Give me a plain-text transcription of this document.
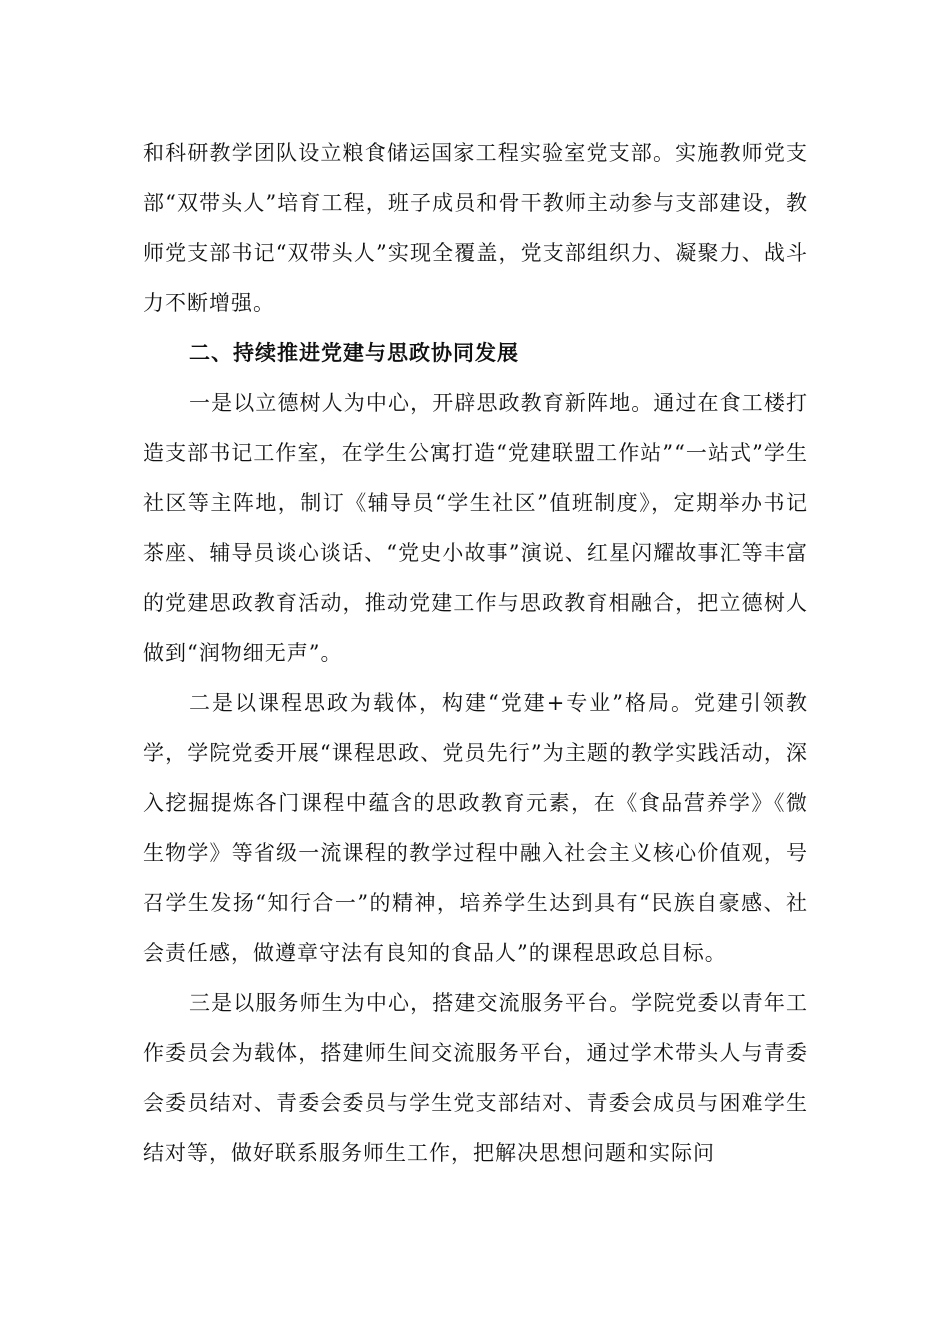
和科研教学团队设立粮食储运国家工程实验室党支部。实施教师党支部“双带头人”培育工程，班子成员和骨干教师主动参与支部建设，教师党支部书记“双带头人”实现全覆盖，党支部组织力、凝聚力、战斗力不断增强。

二、持续推进党建与思政协同发展

一是以立德树人为中心，开辟思政教育新阵地。通过在食工楼打造支部书记工作室，在学生公寓打造“党建联盟工作站”“一站式”学生社区等主阵地，制订《辅导员“学生社区”值班制度》，定期举办书记茶座、辅导员谈心谈话、“党史小故事”演说、红星闪耀故事汇等丰富的党建思政教育活动，推动党建工作与思政教育相融合，把立德树人做到“润物细无声”。

二是以课程思政为载体，构建“党建+专业”格局。党建引领教学，学院党委开展“课程思政、党员先行”为主题的教学实践活动，深入挖掘提炼各门课程中蕴含的思政教育元素，在《食品营养学》《微生物学》等省级一流课程的教学过程中融入社会主义核心价值观，号召学生发扬“知行合一”的精神，培养学生达到具有“民族自豪感、社会责任感，做遵章守法有良知的食品人”的课程思政总目标。

三是以服务师生为中心，搭建交流服务平台。学院党委以青年工作委员会为载体，搭建师生间交流服务平台，通过学术带头人与青委会委员结对、青委会委员与学生党支部结对、青委会成员与困难学生结对等，做好联系服务师生工作，把解决思想问题和实际问
